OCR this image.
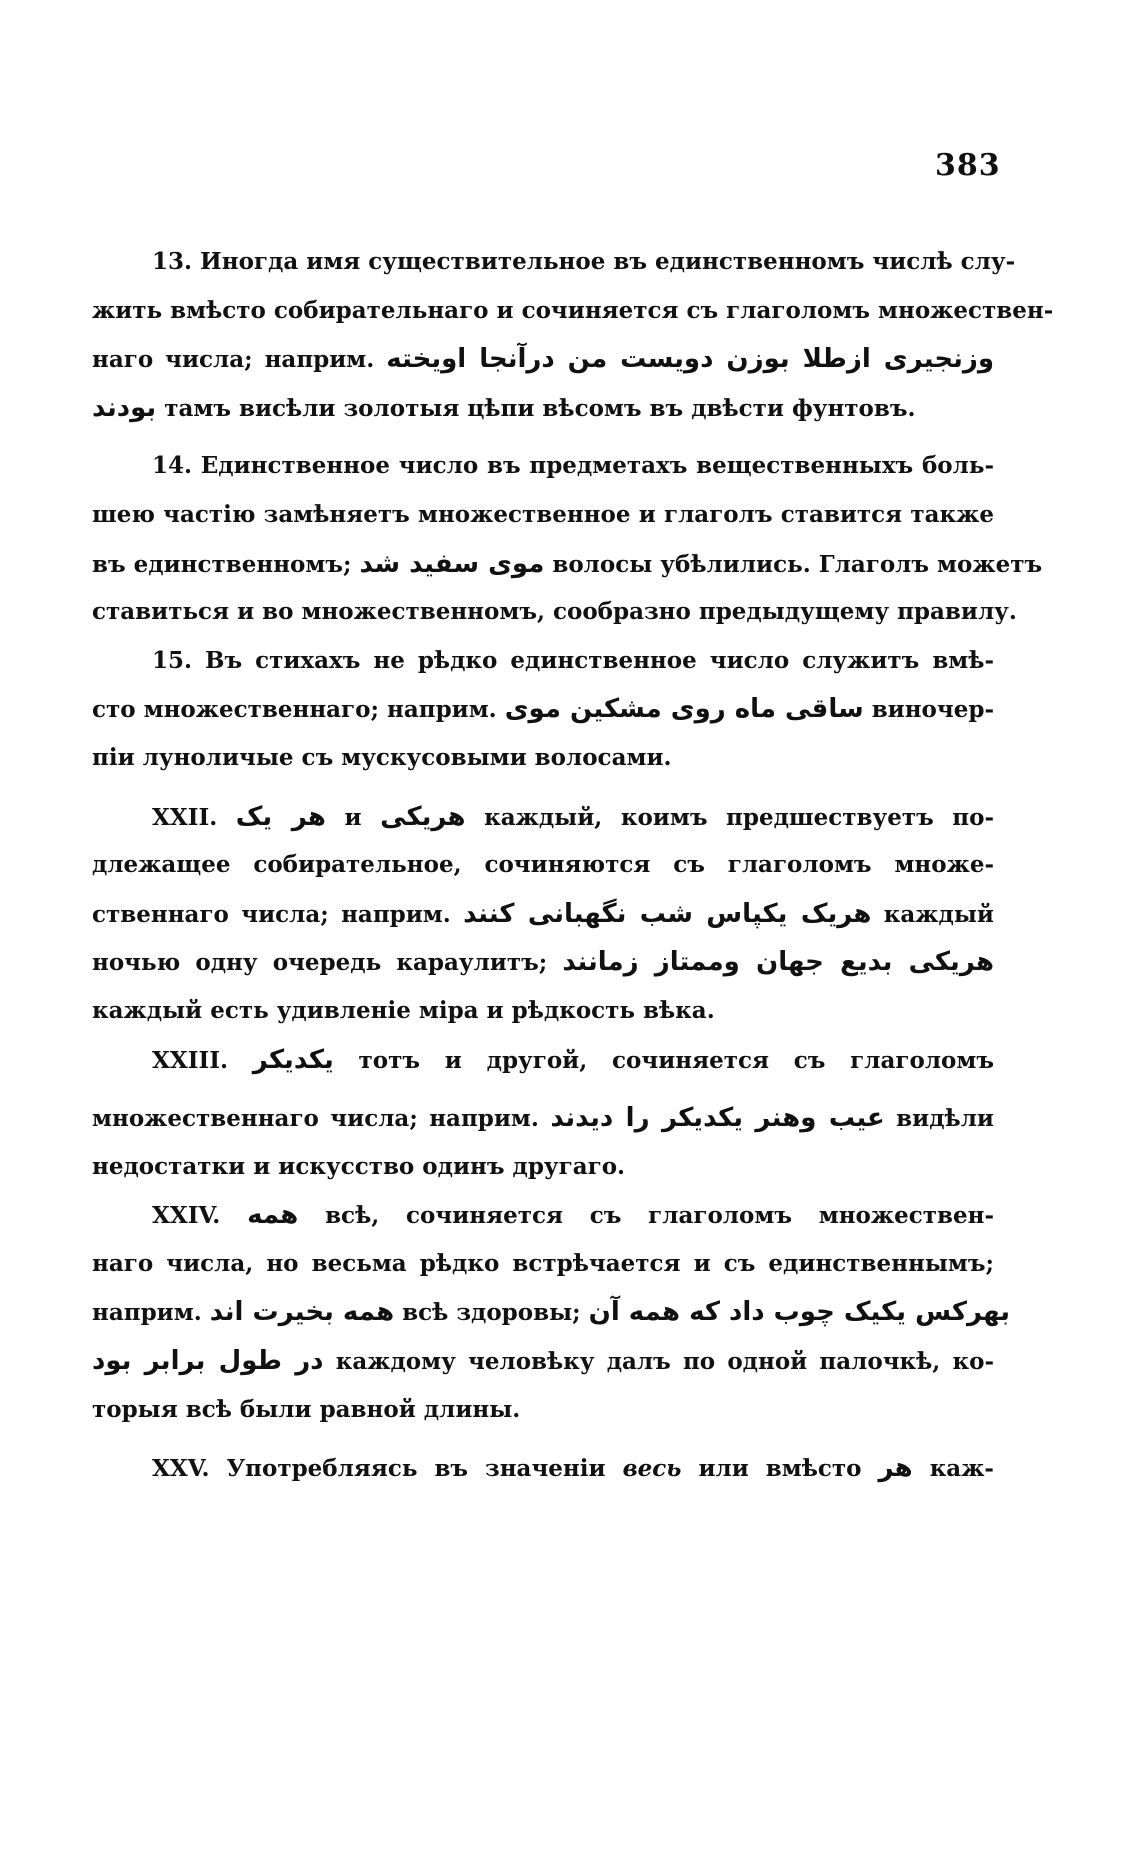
383
13. Иногда имя существительное въ единственномъ числѣ слу-
жить вмѣсто собирательнаго и сочиняется съ глаголомъ множествен-
наго числа; наприм. وزنجیری ازطلا بوزن دویست من درآنجا اویخته
بودند тамъ висѣли золотыя цѣпи вѣсомъ въ двѣсти фунтовъ.
14. Единственное число въ предметахъ вещественныхъ боль-
шею частію замѣняетъ множественное и глаголъ ставится также
въ единственномъ; موی سفید شد волосы убѣлились. Глаголъ можетъ
ставиться и во множественномъ, сообразно предыдущему правилу.
15. Въ стихахъ не рѣдко единственное число служитъ вмѣ-
сто множественнаго; наприм. ساقی ماه روی مشکین موی виночер-
піи луноличые съ мускусовыми волосами.
XXII. هر یک и هریکی каждый, коимъ предшествуетъ по-
длежащее собирательное, сочиняются съ глаголомъ множе-
ственнаго числа; наприм. هریک یکپاس شب نگهبانی کنند каждый
ночью одну очередь караулитъ; هریکی بدیع جهان وممتاز زمانند
каждый есть удивленіе міра и рѣдкость вѣка.
XXIII. یکدیکر тотъ и другой, сочиняется съ глаголомъ
множественнаго числа; наприм. عیب وهنر یکدیکر را دیدند видѣли
недостатки и искусство одинъ другаго.
XXIV. همه всѣ, сочиняется съ глаголомъ множествен-
наго числа, но весьма рѣдко встрѣчается и съ единственнымъ;
наприм. همه بخیرت اند всѣ здоровы; بهرکس یکیک چوب داد که همه آن
در طول برابر بود каждому человѣку далъ по одной палочкѣ, ко-
торыя всѣ были равной длины.
XXV. Употребляясь въ значеніи весь или вмѣсто هر каж-
